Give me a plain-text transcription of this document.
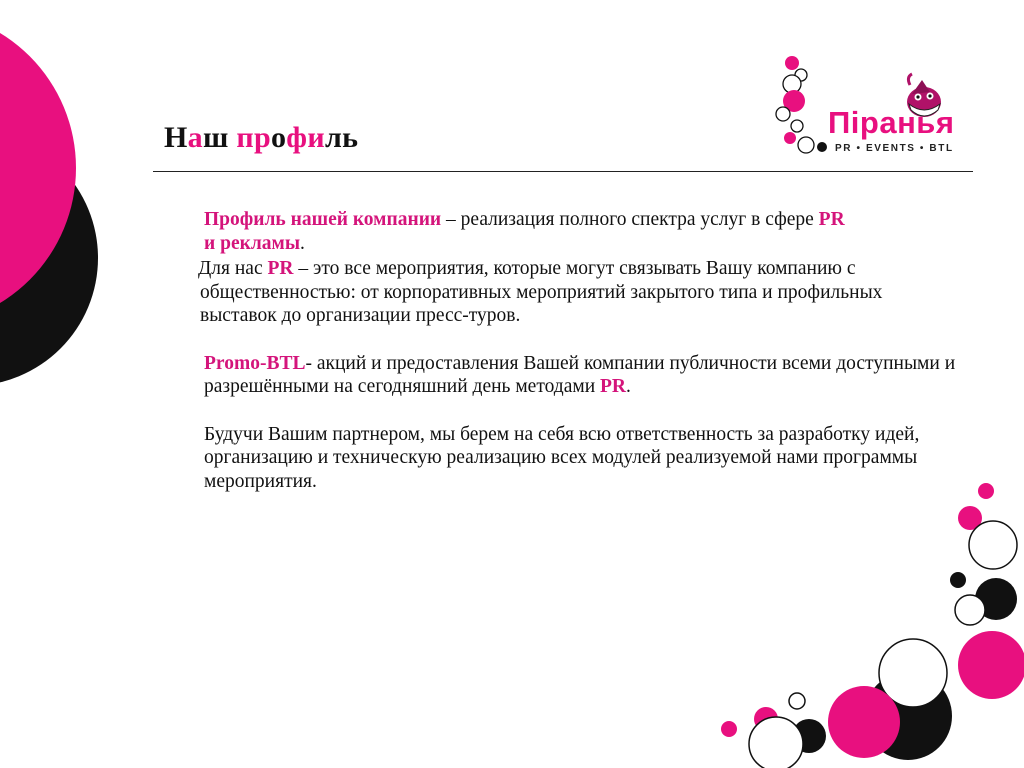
Піранья
PR • EVENTS • BTL
Наш профиль

Профиль нашей компании – реализация полного спектра услуг в сфере PR
и рекламы.

Для нас PR – это все мероприятия, которые могут связывать Вашу компанию с общественностью: от корпоративных мероприятий закрытого типа и профильных выставок до организации пресс-туров.

Promo-BTL- акций и предоставления Вашей компании публичности всеми доступными и разрешёнными на сегодняшний день методами PR.

Будучи Вашим партнером, мы берем на себя всю ответственность за разработку идей, организацию и техническую реализацию всех модулей реализуемой нами программы мероприятия.
